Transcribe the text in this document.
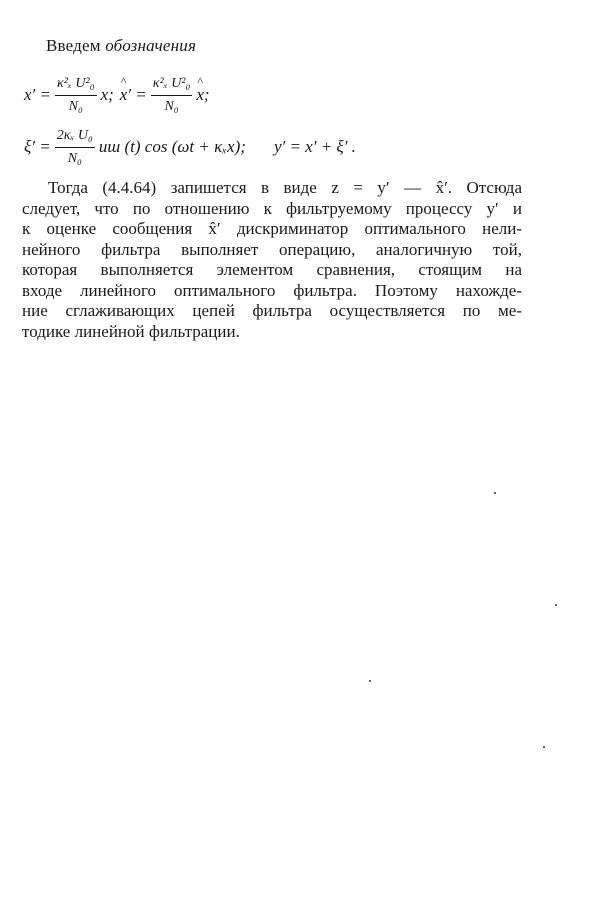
Введем обозначения
$x' = \frac{\text{κ²ₓ U²₀}}{\text{N₀}} x$; ^ $x' = \frac{\text{κ²ₓ U²₀}}{\text{N₀}}$ ^ x;
$\xi' = \frac{\text{2κₓ U₀}}{\text{N₀}}$ uш (t) cos (ωt + κₓx); y′ = x′ + ξ′ .
Тогда (4.4.64) запишется в виде z = y′ — x̂′. Отсюда
следует, что по отношению к фильтруемому процессу y′ и
к оценке сообщения x̂′ дискриминатор оптимального нели-
нейного фильтра выполняет операцию, аналогичную той,
которая выполняется элементом сравнения, стоящим на
входе линейного оптимального фильтра. Поэтому нахожде-
ние сглаживающих цепей фильтра осуществляется по ме-
тодике линейной фильтрации.
